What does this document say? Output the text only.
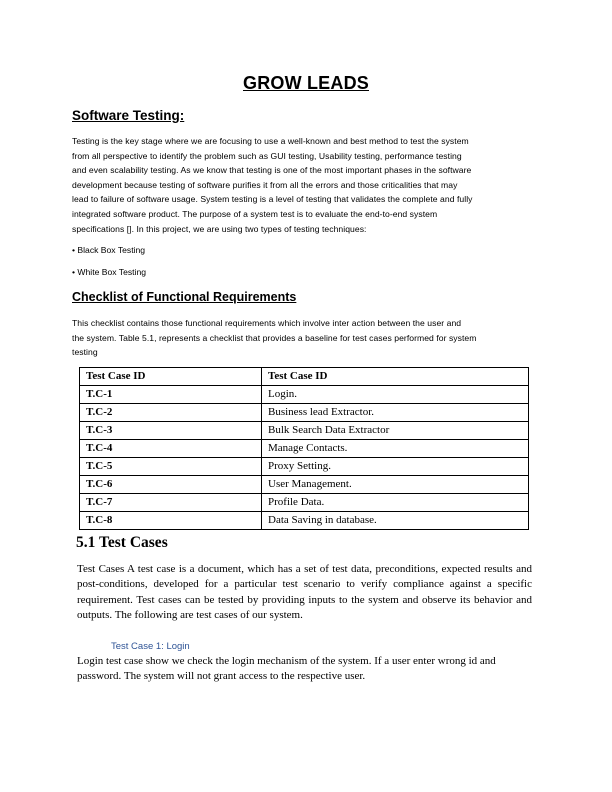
GROW LEADS
Software Testing:
Testing is the key stage where we are focusing to use a well-known and best method to test the system
from all perspective to identify the problem such as GUI testing, Usability testing, performance testing
and even scalability testing. As we know that testing is one of the most important phases in the software
development because testing of software purifies it from all the errors and those criticalities that may
lead to failure of software usage. System testing is a level of testing that validates the complete and fully
integrated software product. The purpose of a system test is to evaluate the end-to-end system
specifications []. In this project, we are using two types of testing techniques:
• Black Box Testing
• White Box Testing
Checklist of Functional Requirements
This checklist contains those functional requirements which involve inter action between the user and
the system. Table 5.1, represents a checklist that provides a baseline for test cases performed for system
testing
Test Case ID	Test Case ID
T.C-1	Login.
T.C-2	Business lead Extractor.
T.C-3	Bulk Search Data Extractor
T.C-4	Manage Contacts.
T.C-5	Proxy Setting.
T.C-6	User Management.
T.C-7	Profile Data.
T.C-8	Data Saving in database.
5.1 Test Cases
Test Cases A test case is a document, which has a set of test data, preconditions, expected results and post-conditions, developed for a particular test scenario to verify compliance against a specific requirement. Test cases can be tested by providing inputs to the system and observe its behavior and outputs. The following are test cases of our system.
Test Case 1: Login
Login test case show we check the login mechanism of the system. If a user enter wrong id and
password. The system will not grant access to the respective user.
